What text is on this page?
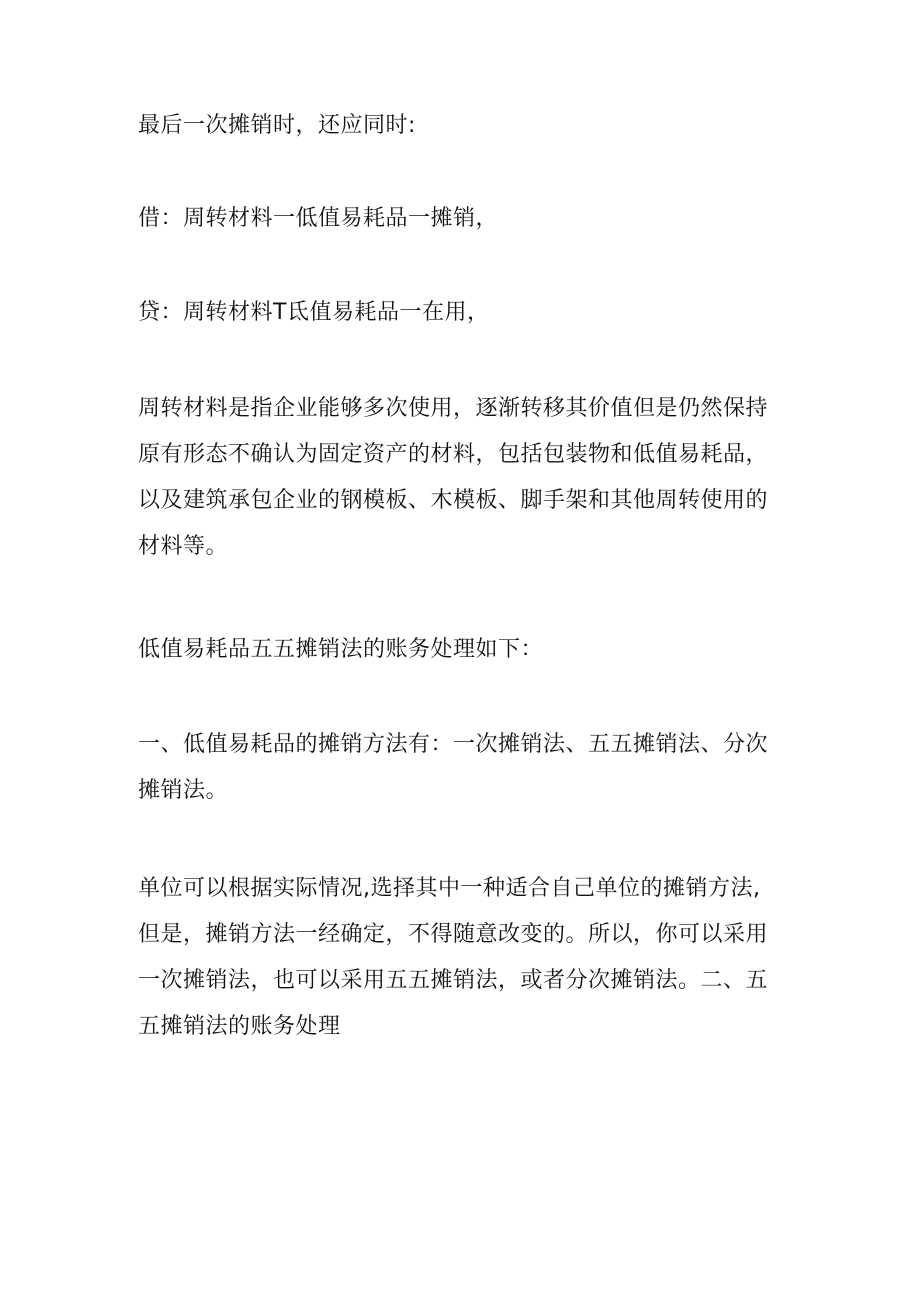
最后一次摊销时，还应同时:

借：周转材料一低值易耗品一摊销，

贷：周转材料T氐值易耗品一在用，

周转材料是指企业能够多次使用，逐渐转移其价值但是仍然保持
原有形态不确认为固定资产的材料，包括包装物和低值易耗品，
以及建筑承包企业的钢模板、木模板、脚手架和其他周转使用的
材料等。

低值易耗品五五摊销法的账务处理如下：

一、低值易耗品的摊销方法有：一次摊销法、五五摊销法、分次
摊销法。

单位可以根据实际情况,选择其中一种适合自己单位的摊销方法,
但是，摊销方法一经确定，不得随意改变的。所以，你可以采用
一次摊销法，也可以采用五五摊销法，或者分次摊销法。二、五
五摊销法的账务处理
